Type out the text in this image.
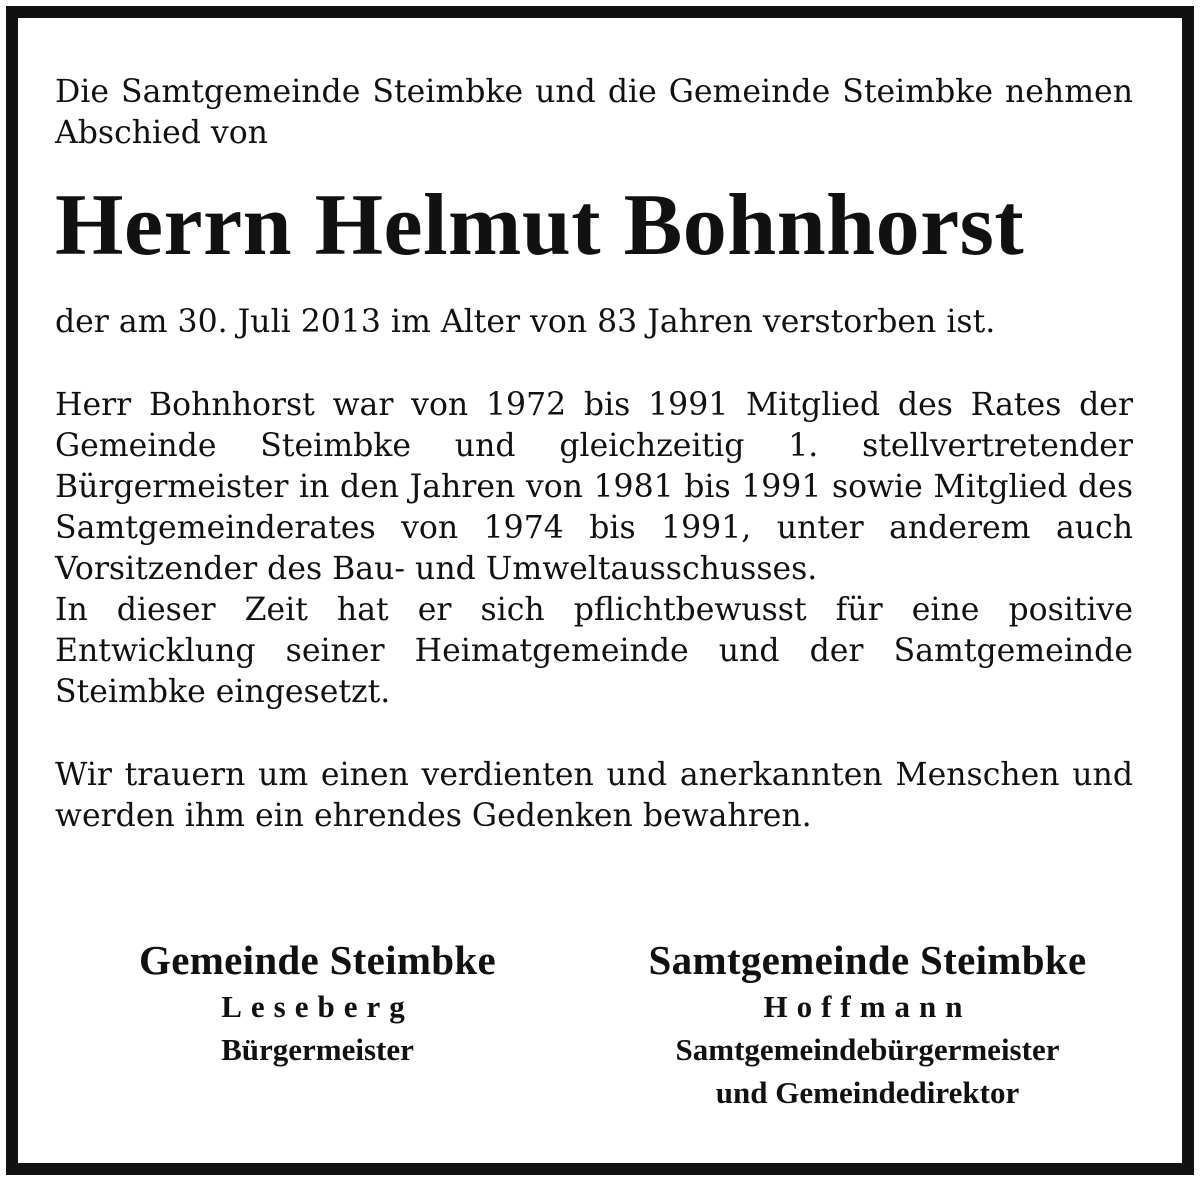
Die Samtgemeinde Steimbke und die Gemeinde Steimbke nehmen Abschied von

Herrn Helmut Bohnhorst

der am 30. Juli 2013 im Alter von 83 Jahren verstorben ist.

Herr Bohnhorst war von 1972 bis 1991 Mitglied des Rates der Gemeinde Steimbke und gleichzeitig 1. stellvertretender Bürgermeister in den Jahren von 1981 bis 1991 sowie Mitglied des Samtgemeinderates von 1974 bis 1991, unter anderem auch Vorsitzender des Bau- und Umweltausschusses.

In dieser Zeit hat er sich pflichtbewusst für eine positive Entwicklung seiner Heimatgemeinde und der Samtgemeinde Steimbke eingesetzt.

Wir trauern um einen verdienten und anerkannten Menschen und werden ihm ein ehrendes Gedenken bewahren.

Gemeinde Steimbke
Leseberg
Bürgermeister
Samtgemeinde Steimbke
Hoffmann
Samtgemeindebürgermeister
und Gemeindedirektor
